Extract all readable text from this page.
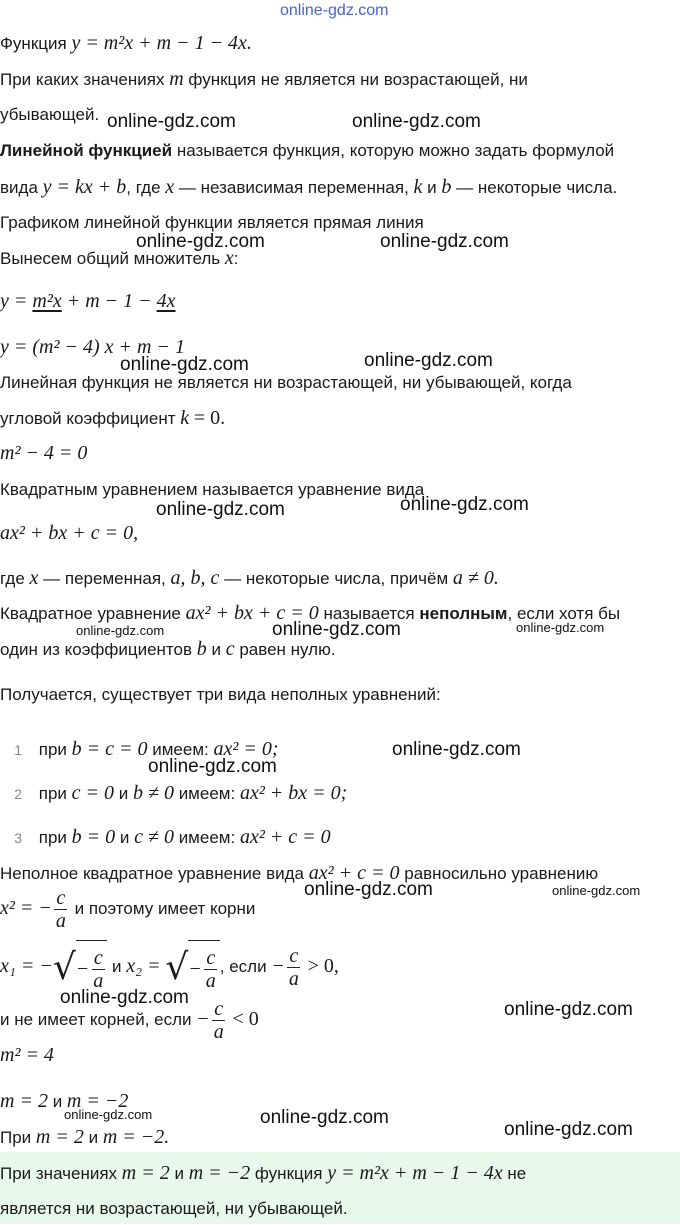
online-gdz.com
Функция y = m²x + m − 1 − 4x.
При каких значениях m функция не является ни возрастающей, ни
убывающей. online-gdz.com	online-gdz.com
Линейной функцией называется функция, которую можно задать формулой
вида y = kx + b, где x — независимая переменная, k и b — некоторые числа.
Графиком линейной функции является прямая линия
online-gdz.com	online-gdz.com
Вынесем общий множитель x:
y = m²x + m − 1 − 4x
y = (m² − 4) x + m − 1
online-gdz.com	online-gdz.com
Линейная функция не является ни возрастающей, ни убывающей, когда
угловой коэффициент k = 0.
m² − 4 = 0
Квадратным уравнением называется уравнение вида
online-gdz.com	online-gdz.com
ax² + bx + c = 0,
где x — переменная, a, b, c — некоторые числа, причём a ≠ 0.
Квадратное уравнение ax² + bx + c = 0 называется неполным, если хотя бы
online-gdz.com	online-gdz.com	online-gdz.com
один из коэффициентов b и c равен нулю.
Получается, существует три вида неполных уравнений:
1 при b = c = 0 имеем: ax² = 0;	online-gdz.com
online-gdz.com
2 при c = 0 и b ≠ 0 имеем: ax² + bx = 0;
3 при b = 0 и c ≠ 0 имеем: ax² + c = 0
Неполное квадратное уравнение вида ax² + c = 0 равносильно уравнению
online-gdz.com	online-gdz.com
x² = − $\frac{c}{a}$ и поэтому имеет корни
x₁ = − √ − $\frac{c}{a}$ и x₂ = √ − $\frac{c}{a}$ , если − $\frac{c}{a} > 0$,
online-gdz.com
online-gdz.com
и не имеет корней, если − $\frac{c}{a} < 0$
m² = 4
m = 2 и m = −2
online-gdz.com	online-gdz.com
При m = 2 и m = −2.	online-gdz.com
При значениях m = 2 и m = −2 функция y = m²x + m − 1 − 4x не
является ни возрастающей, ни убывающей.
